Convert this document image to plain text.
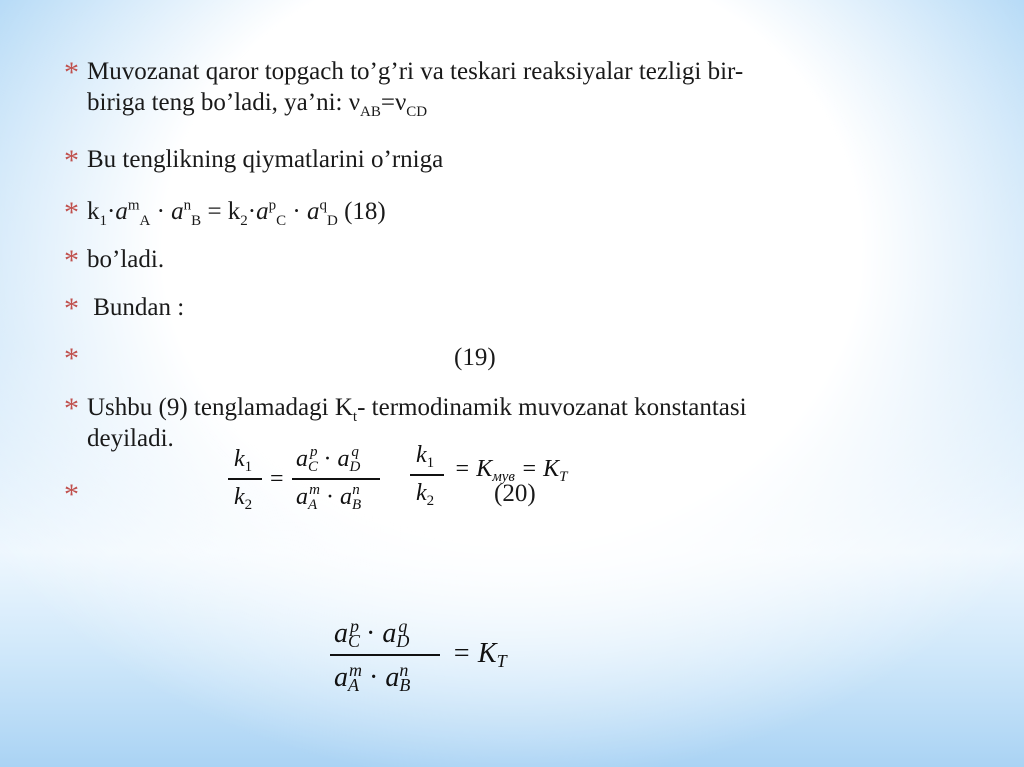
* Muvozanat qaror topgach to’g’ri va teskari reaksiyalar tezligi bir-
biriga teng bo’ladi, ya’ni: $\nu_{AB}=\nu_{CD}$
* Bu tenglikning qiymatlarini o’rniga
* $k_1\cdot a^m_A \cdot a^n_B = k_2\cdot a^p_C \cdot a^q_D$ (18)
* bo’ladi.
* Bundan :
*	(19)
* Ushbu (9) tenglamadagi $K_t-$ termodinamik muvozanat konstantasi
deyiladi.
*	(20)
$k_1$
$k_2$
=
$a_C^p \cdot a_D^q$
$a_A^m \cdot a_B^n$
$k_1$
$k_2$
= $K_{мув} = K_T$
$aC^p \cdot aD^q$
$aA^m \cdot aB^n$
= KT
